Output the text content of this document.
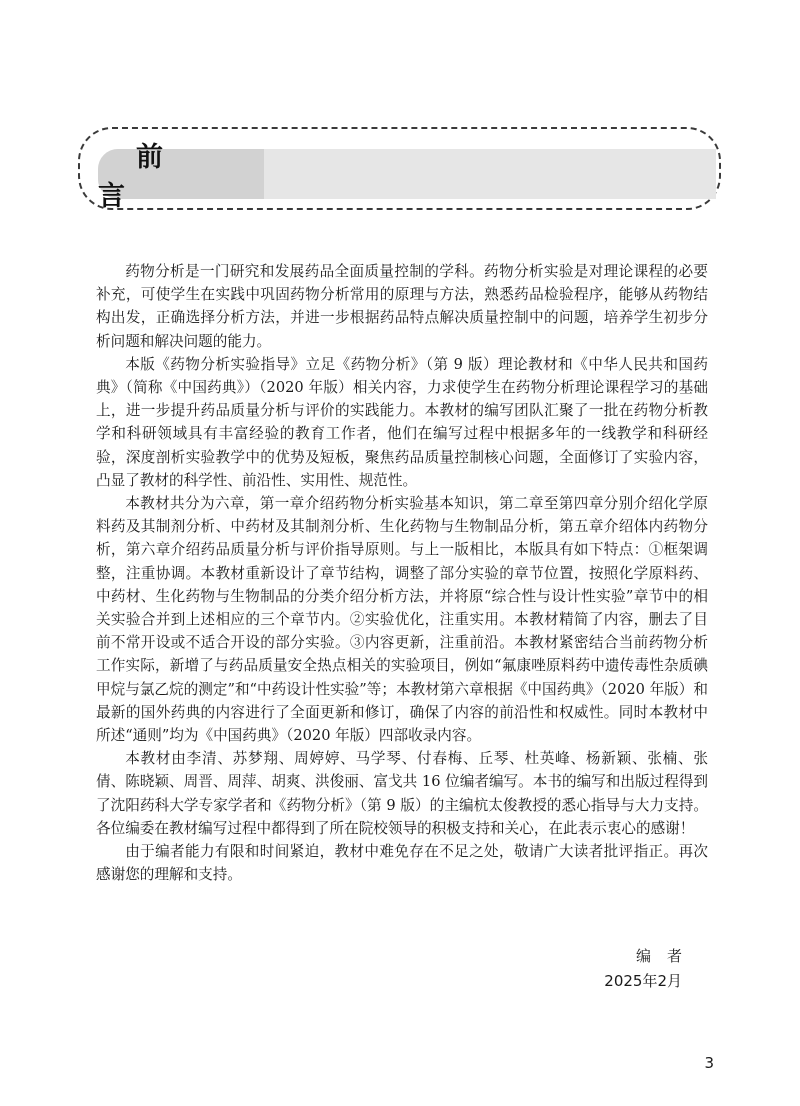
前言

药物分析是一门研究和发展药品全面质量控制的学科。药物分析实验是对理论课程的必要补充，可使学生在实践中巩固药物分析常用的原理与方法，熟悉药品检验程序，能够从药物结构出发，正确选择分析方法，并进一步根据药品特点解决质量控制中的问题，培养学生初步分析问题和解决问题的能力。

本版《药物分析实验指导》立足《药物分析》（第 9 版）理论教材和《中华人民共和国药典》（简称《中国药典》）（2020 年版）相关内容，力求使学生在药物分析理论课程学习的基础上，进一步提升药品质量分析与评价的实践能力。本教材的编写团队汇聚了一批在药物分析教学和科研领域具有丰富经验的教育工作者，他们在编写过程中根据多年的一线教学和科研经验，深度剖析实验教学中的优势及短板，聚焦药品质量控制核心问题，全面修订了实验内容，凸显了教材的科学性、前沿性、实用性、规范性。

本教材共分为六章，第一章介绍药物分析实验基本知识，第二章至第四章分别介绍化学原料药及其制剂分析、中药材及其制剂分析、生化药物与生物制品分析，第五章介绍体内药物分析，第六章介绍药品质量分析与评价指导原则。与上一版相比，本版具有如下特点：①框架调整，注重协调。本教材重新设计了章节结构，调整了部分实验的章节位置，按照化学原料药、中药材、生化药物与生物制品的分类介绍分析方法，并将原“综合性与设计性实验”章节中的相关实验合并到上述相应的三个章节内。②实验优化，注重实用。本教材精简了内容，删去了目前不常开设或不适合开设的部分实验。③内容更新，注重前沿。本教材紧密结合当前药物分析工作实际，新增了与药品质量安全热点相关的实验项目，例如“氟康唑原料药中遗传毒性杂质碘甲烷与氯乙烷的测定”和“中药设计性实验”等；本教材第六章根据《中国药典》（2020 年版）和最新的国外药典的内容进行了全面更新和修订，确保了内容的前沿性和权威性。同时本教材中所述“通则”均为《中国药典》（2020 年版）四部收录内容。

本教材由李清、苏梦翔、周婷婷、马学琴、付春梅、丘琴、杜英峰、杨新颖、张楠、张倩、陈晓颖、周晋、周萍、胡爽、洪俊丽、富戈共 16 位编者编写。本书的编写和出版过程得到了沈阳药科大学专家学者和《药物分析》（第 9 版）的主编杭太俊教授的悉心指导与大力支持。各位编委在教材编写过程中都得到了所在院校领导的积极支持和关心，在此表示衷心的感谢！

由于编者能力有限和时间紧迫，教材中难免存在不足之处，敬请广大读者批评指正。再次感谢您的理解和支持。

编者
2025年2月
3
